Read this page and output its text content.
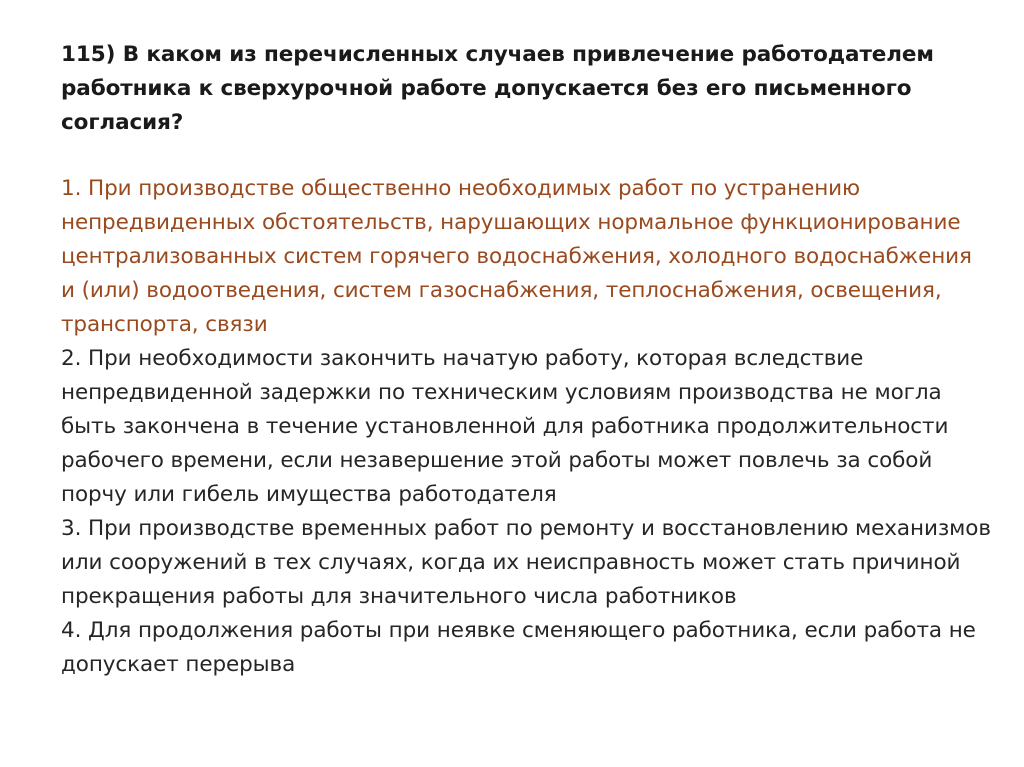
115) В каком из перечисленных случаев привлечение работодателем работника к сверхурочной работе допускается без его письменного согласия?

1. При производстве общественно необходимых работ по устранению непредвиденных обстоятельств, нарушающих нормальное функционирование централизованных систем горячего водоснабжения, холодного водоснабжения и (или) водоотведения, систем газоснабжения, теплоснабжения, освещения, транспорта, связи
2. При необходимости закончить начатую работу, которая вследствие непредвиденной задержки по техническим условиям производства не могла быть закончена в течение установленной для работника продолжительности рабочего времени, если незавершение этой работы может повлечь за собой порчу или гибель имущества работодателя
3. При производстве временных работ по ремонту и восстановлению механизмов или сооружений в тех случаях, когда их неисправность может стать причиной прекращения работы для значительного числа работников
4. Для продолжения работы при неявке сменяющего работника, если работа не допускает перерыва
